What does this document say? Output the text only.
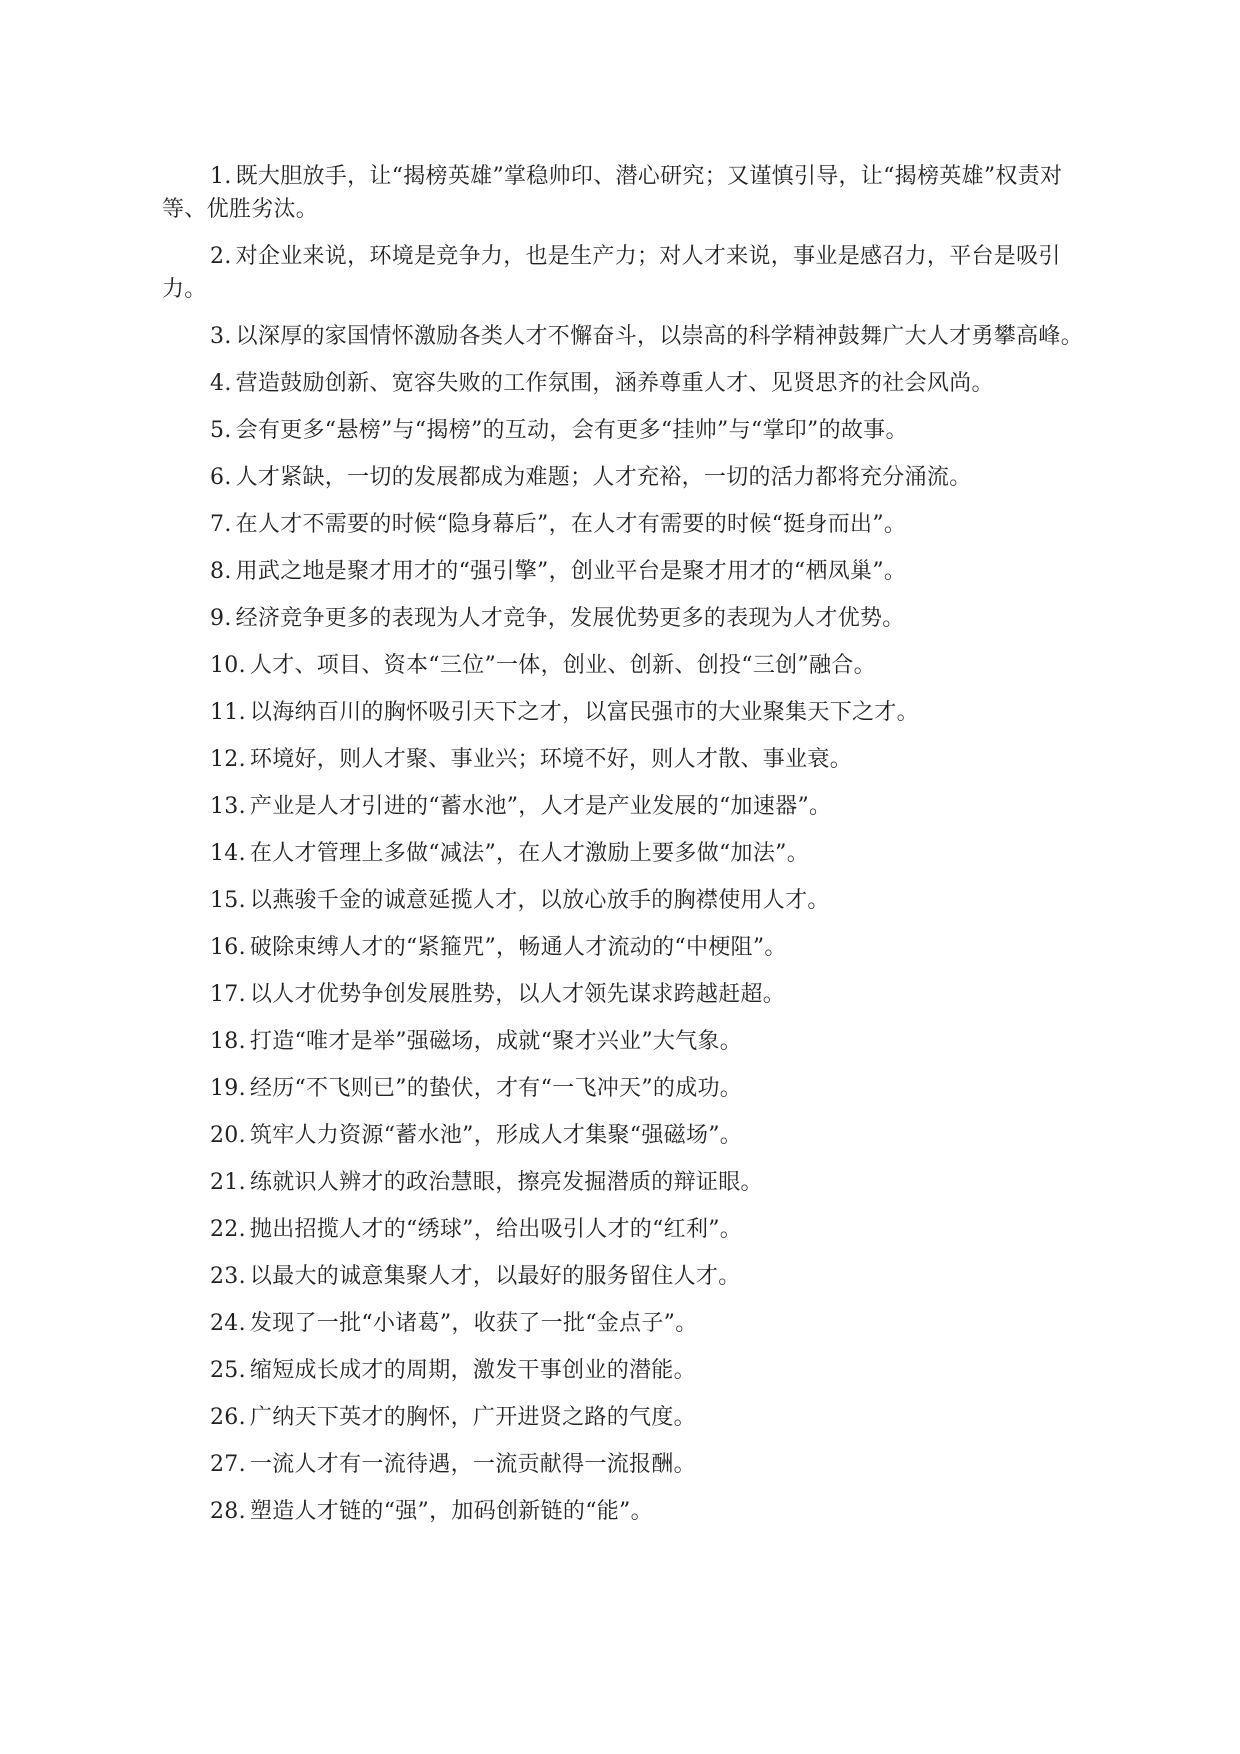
1 . 既大胆放手，让“揭榜英雄”掌稳帅印、潜心研究；又谨慎引导，让“揭榜英雄”权责对等、优胜劣汰。

2 . 对企业来说，环境是竞争力，也是生产力；对人才来说，事业是感召力，平台是吸引力。

3 . 以深厚的家国情怀激励各类人才不懈奋斗，以崇高的科学精神鼓舞广大人才勇攀高峰。

4 . 营造鼓励创新、宽容失败的工作氛围，涵养尊重人才、见贤思齐的社会风尚。

5 . 会有更多“悬榜”与“揭榜”的互动，会有更多“挂帅”与“掌印”的故事。

6 . 人才紧缺，一切的发展都成为难题；人才充裕，一切的活力都将充分涌流。

7 . 在人才不需要的时候“隐身幕后”，在人才有需要的时候“挺身而出”。

8 . 用武之地是聚才用才的“强引擎”，创业平台是聚才用才的“栖凤巢”。

9 . 经济竞争更多的表现为人才竞争，发展优势更多的表现为人才优势。

10 . 人才、项目、资本“三位”一体，创业、创新、创投“三创”融合。

11 . 以海纳百川的胸怀吸引天下之才，以富民强市的大业聚集天下之才。

12 . 环境好，则人才聚、事业兴；环境不好，则人才散、事业衰。

13 . 产业是人才引进的“蓄水池”，人才是产业发展的“加速器”。

14 . 在人才管理上多做“减法”，在人才激励上要多做“加法”。

15 . 以燕骏千金的诚意延揽人才，以放心放手的胸襟使用人才。

16 . 破除束缚人才的“紧箍咒”，畅通人才流动的“中梗阻”。

17 . 以人才优势争创发展胜势，以人才领先谋求跨越赶超。

18 . 打造“唯才是举”强磁场，成就“聚才兴业”大气象。

19 . 经历“不飞则已”的蛰伏，才有“一飞冲天”的成功。

20 . 筑牢人力资源“蓄水池”，形成人才集聚“强磁场”。

21 . 练就识人辨才的政治慧眼，擦亮发掘潜质的辩证眼。

22 . 抛出招揽人才的“绣球”，给出吸引人才的“红利”。

23 . 以最大的诚意集聚人才，以最好的服务留住人才。

24 . 发现了一批“小诸葛”，收获了一批“金点子”。

25 . 缩短成长成才的周期，激发干事创业的潜能。

26 . 广纳天下英才的胸怀，广开进贤之路的气度。

27 . 一流人才有一流待遇，一流贡献得一流报酬。

28 . 塑造人才链的“强”，加码创新链的“能”。
